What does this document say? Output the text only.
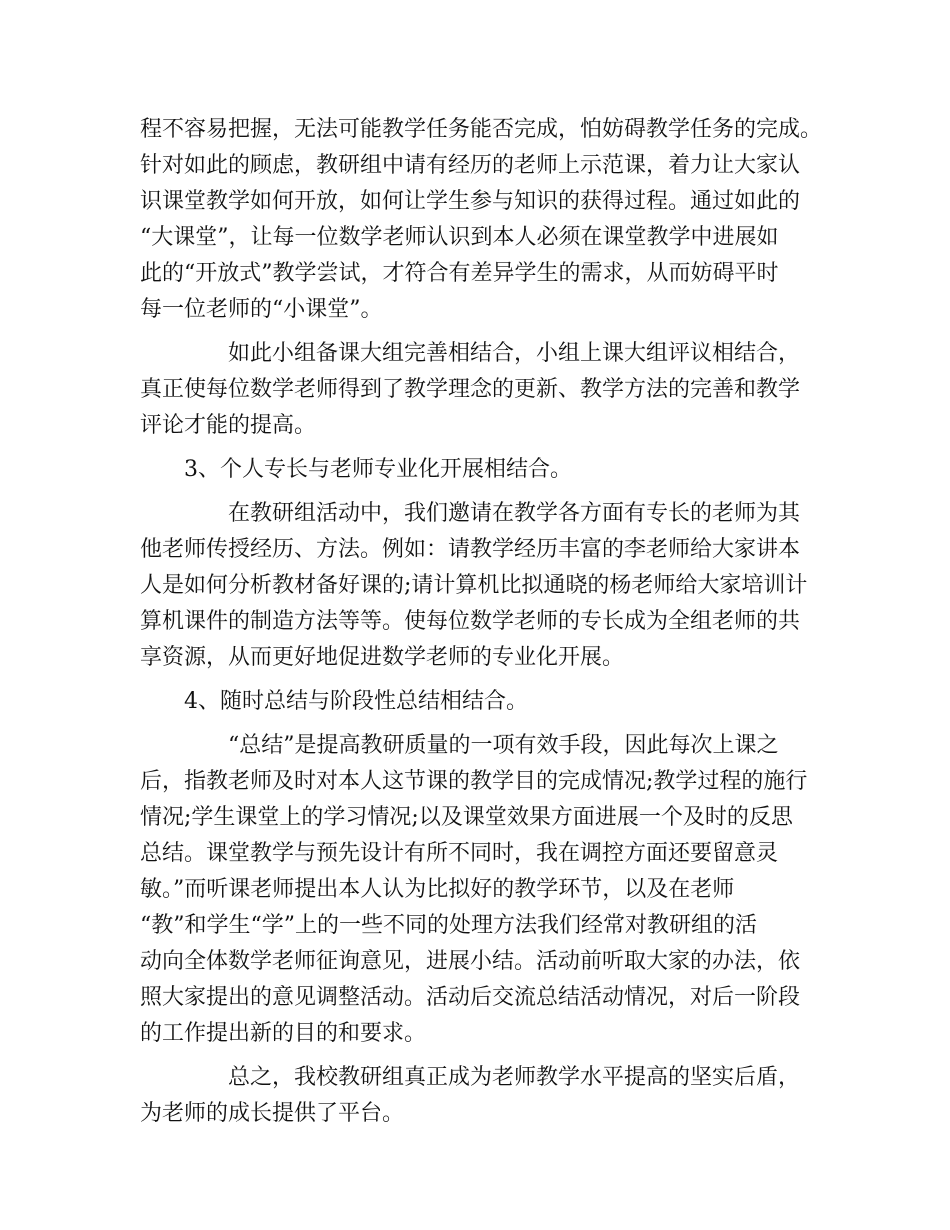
程不容易把握，无法可能教学任务能否完成，怕妨碍教学任务的完成。
针对如此的顾虑，教研组中请有经历的老师上示范课，着力让大家认
识课堂教学如何开放，如何让学生参与知识的获得过程。通过如此的
“大课堂”，让每一位数学老师认识到本人必须在课堂教学中进展如
此的“开放式”教学尝试，才符合有差异学生的需求，从而妨碍平时
每一位老师的“小课堂”。
如此小组备课大组完善相结合，小组上课大组评议相结合，
真正使每位数学老师得到了教学理念的更新、教学方法的完善和教学
评论才能的提高。
3、个人专长与老师专业化开展相结合。
在教研组活动中，我们邀请在教学各方面有专长的老师为其
他老师传授经历、方法。例如：请教学经历丰富的李老师给大家讲本
人是如何分析教材备好课的;请计算机比拟通晓的杨老师给大家培训计
算机课件的制造方法等等。使每位数学老师的专长成为全组老师的共
享资源，从而更好地促进数学老师的专业化开展。
4、随时总结与阶段性总结相结合。
“总结”是提高教研质量的一项有效手段，因此每次上课之
后，指教老师及时对本人这节课的教学目的完成情况;教学过程的施行
情况;学生课堂上的学习情况;以及课堂效果方面进展一个及时的反思
总结。课堂教学与预先设计有所不同时，我在调控方面还要留意灵
敏。”而听课老师提出本人认为比拟好的教学环节，以及在老师
“教”和学生“学”上的一些不同的处理方法我们经常对教研组的活
动向全体数学老师征询意见，进展小结。活动前听取大家的办法，依
照大家提出的意见调整活动。活动后交流总结活动情况，对后一阶段
的工作提出新的目的和要求。
总之，我校教研组真正成为老师教学水平提高的坚实后盾，
为老师的成长提供了平台。
